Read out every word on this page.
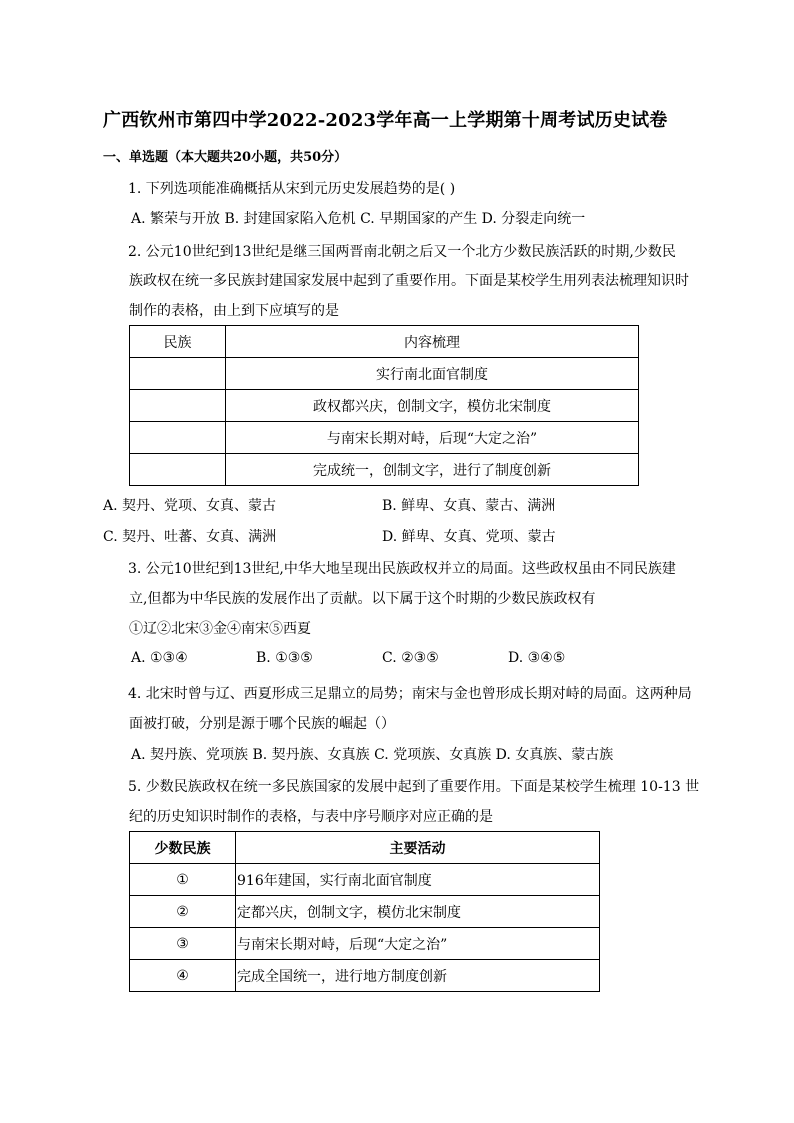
广西钦州市第四中学2022-2023学年高一上学期第十周考试历史试卷
一、单选题（本大题共20小题，共50分）
1. 下列选项能准确概括从宋到元历史发展趋势的是( )
A. 繁荣与开放 B. 封建国家陷入危机 C. 早期国家的产生 D. 分裂走向统一
2. 公元10世纪到13世纪是继三国两晋南北朝之后又一个北方少数民族活跃的时期,少数民
族政权在统一多民族封建国家发展中起到了重要作用。下面是某校学生用列表法梳理知识时
制作的表格，由上到下应填写的是
民族	内容梳理
	实行南北面官制度
	政权都兴庆，创制文字，模仿北宋制度
	与南宋长期对峙，后现“大定之治”
	完成统一，创制文字，进行了制度创新
A. 契丹、党项、女真、蒙古	B. 鲜卑、女真、蒙古、满洲
C. 契丹、吐蕃、女真、满洲	D. 鲜卑、女真、党项、蒙古
3. 公元10世纪到13世纪,中华大地呈现出民族政权并立的局面。这些政权虽由不同民族建
立,但都为中华民族的发展作出了贡献。以下属于这个时期的少数民族政权有
①辽②北宋③金④南宋⑤西夏
A. ①③④	B. ①③⑤	C. ②③⑤	D. ③④⑤
4. 北宋时曾与辽、西夏形成三足鼎立的局势；南宋与金也曾形成长期对峙的局面。这两种局
面被打破，分别是源于哪个民族的崛起（）
A. 契丹族、党项族 B. 契丹族、女真族 C. 党项族、女真族 D. 女真族、蒙古族
5. 少数民族政权在统一多民族国家的发展中起到了重要作用。下面是某校学生梳理 10-13 世
纪的历史知识时制作的表格，与表中序号顺序对应正确的是
少数民族	主要活动
①	916年建国，实行南北面官制度
②	定都兴庆，创制文字，模仿北宋制度
③	与南宋长期对峙，后现“大定之治”
④	完成全国统一，进行地方制度创新
